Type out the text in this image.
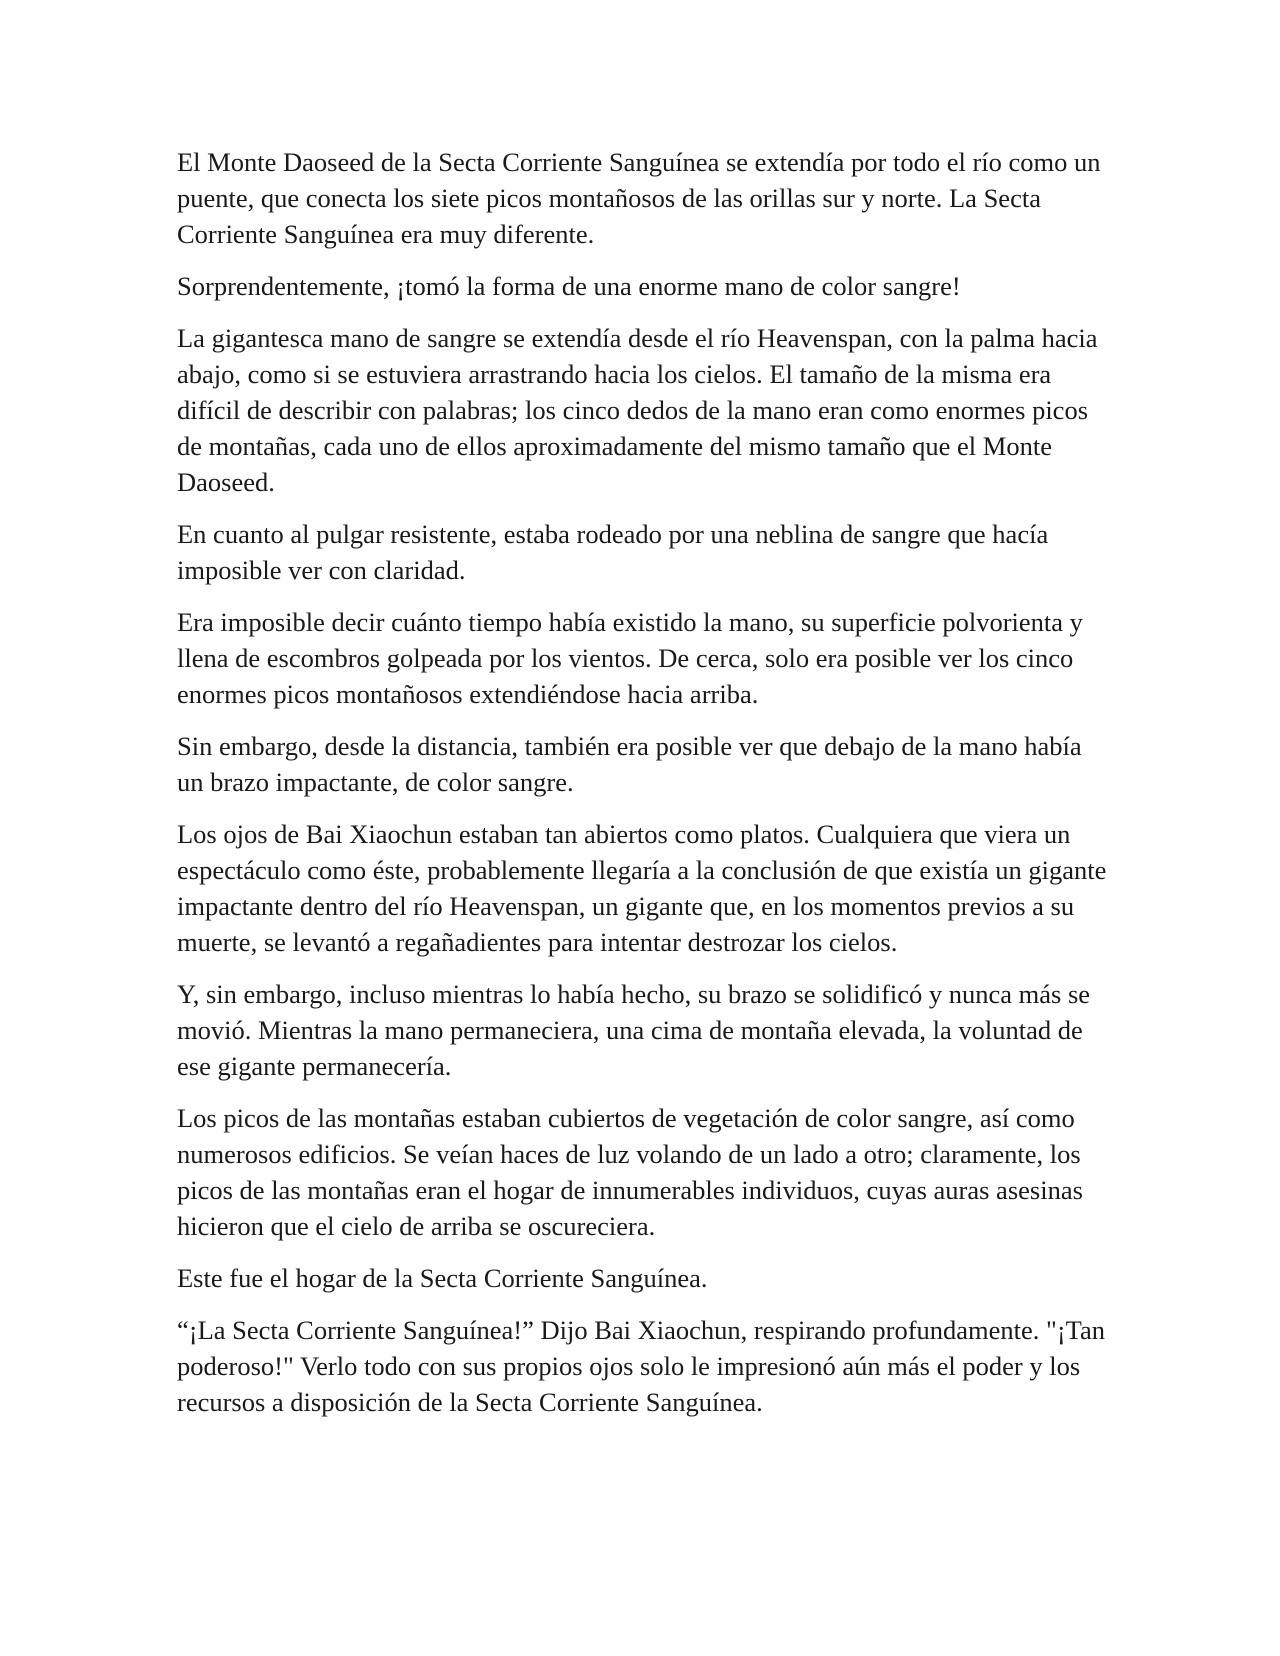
El Monte Daoseed de la Secta Corriente Sanguínea se extendía por todo el río como un puente, que conecta los siete picos montañosos de las orillas sur y norte. La Secta Corriente Sanguínea era muy diferente.

Sorprendentemente, ¡tomó la forma de una enorme mano de color sangre!

La gigantesca mano de sangre se extendía desde el río Heavenspan, con la palma hacia abajo, como si se estuviera arrastrando hacia los cielos. El tamaño de la misma era difícil de describir con palabras; los cinco dedos de la mano eran como enormes picos de montañas, cada uno de ellos aproximadamente del mismo tamaño que el Monte Daoseed.

En cuanto al pulgar resistente, estaba rodeado por una neblina de sangre que hacía imposible ver con claridad.

Era imposible decir cuánto tiempo había existido la mano, su superficie polvorienta y llena de escombros golpeada por los vientos. De cerca, solo era posible ver los cinco enormes picos montañosos extendiéndose hacia arriba.

Sin embargo, desde la distancia, también era posible ver que debajo de la mano había un brazo impactante, de color sangre.

Los ojos de Bai Xiaochun estaban tan abiertos como platos. Cualquiera que viera un espectáculo como éste, probablemente llegaría a la conclusión de que existía un gigante impactante dentro del río Heavenspan, un gigante que, en los momentos previos a su muerte, se levantó a regañadientes para intentar destrozar los cielos.

Y, sin embargo, incluso mientras lo había hecho, su brazo se solidificó y nunca más se movió. Mientras la mano permaneciera, una cima de montaña elevada, la voluntad de ese gigante permanecería.

Los picos de las montañas estaban cubiertos de vegetación de color sangre, así como numerosos edificios. Se veían haces de luz volando de un lado a otro; claramente, los picos de las montañas eran el hogar de innumerables individuos, cuyas auras asesinas hicieron que el cielo de arriba se oscureciera.

Este fue el hogar de la Secta Corriente Sanguínea.

“¡La Secta Corriente Sanguínea!” Dijo Bai Xiaochun, respirando profundamente. "¡Tan poderoso!" Verlo todo con sus propios ojos solo le impresionó aún más el poder y los recursos a disposición de la Secta Corriente Sanguínea.
